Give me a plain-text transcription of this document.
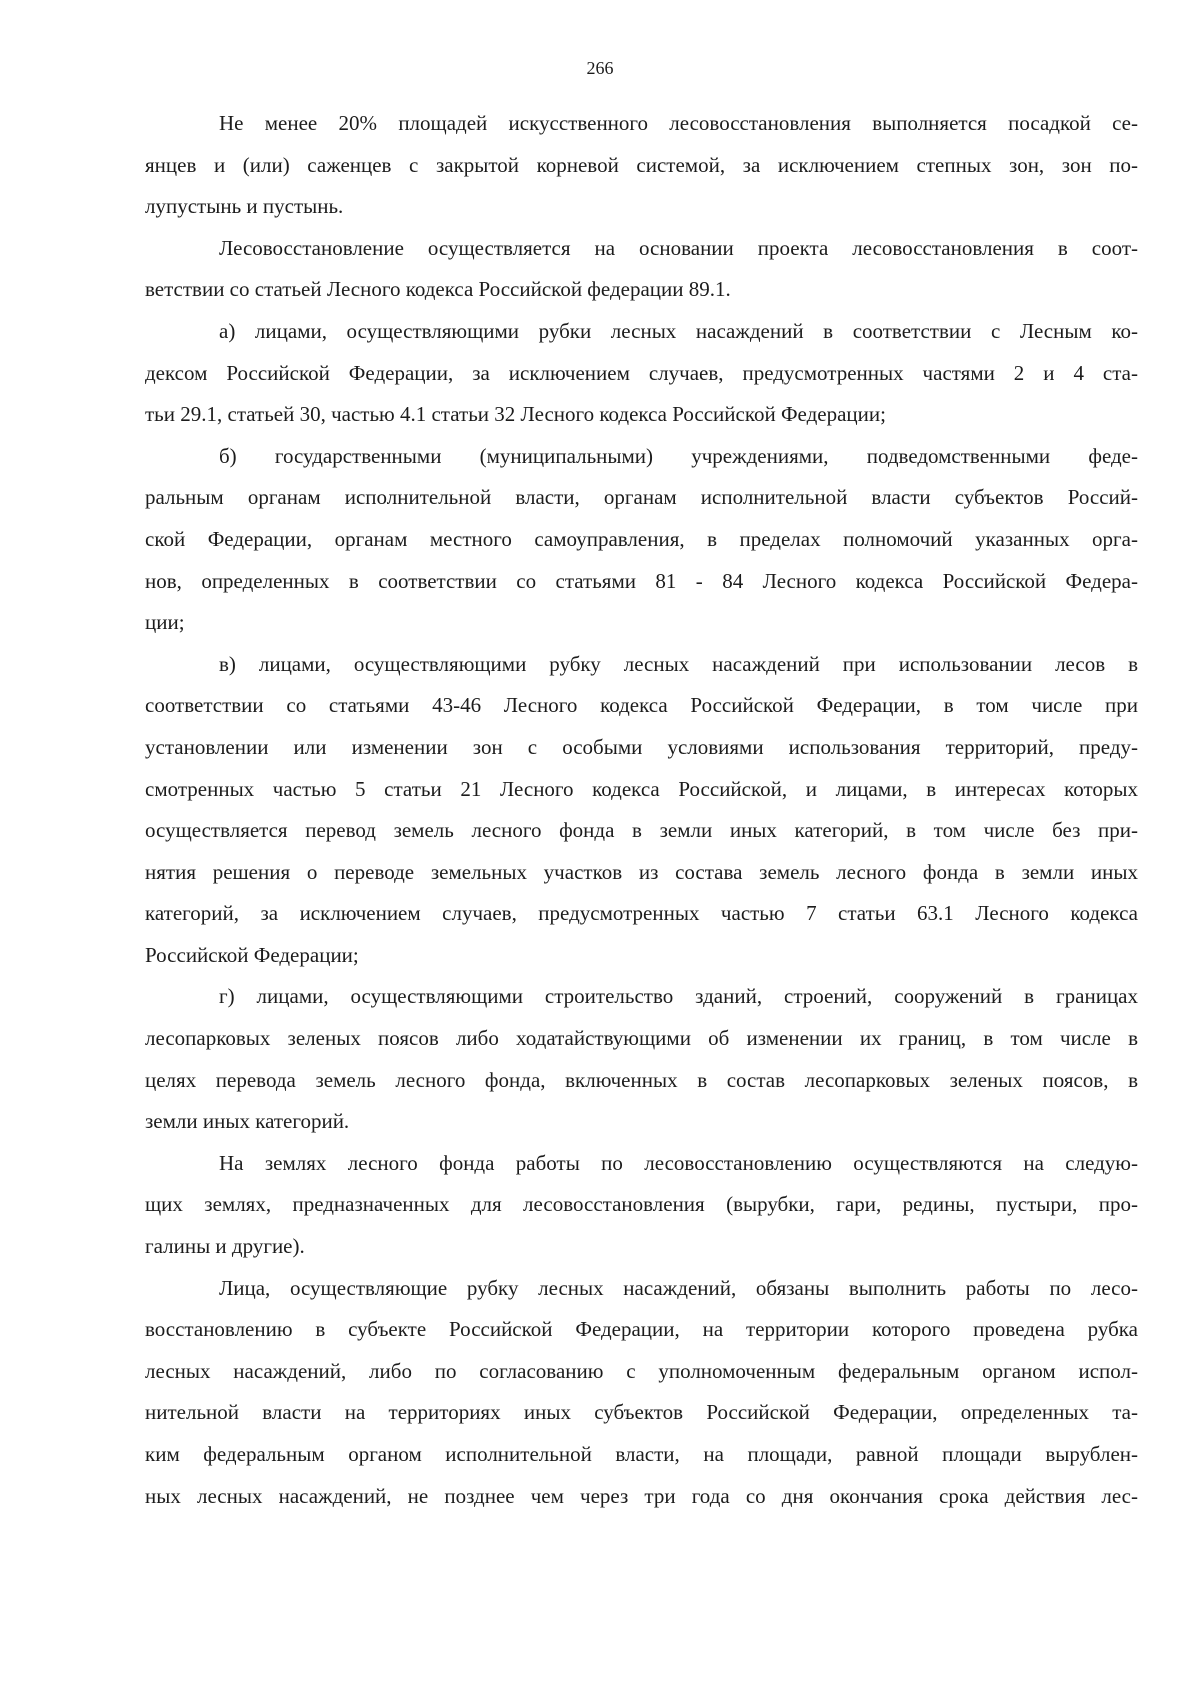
266
Не менее 20% площадей искусственного лесовосстановления выполняется посадкой се-
янцев и (или) саженцев с закрытой корневой системой, за исключением степных зон, зон по-
лупустынь и пустынь.
Лесовосстановление осуществляется на основании проекта лесовосстановления в соот-
ветствии со статьей Лесного кодекса Российской федерации 89.1.
а) лицами, осуществляющими рубки лесных насаждений в соответствии с Лесным ко-
дексом Российской Федерации, за исключением случаев, предусмотренных частями 2 и 4 ста-
тьи 29.1, статьей 30, частью 4.1 статьи 32 Лесного кодекса Российской Федерации;
б) государственными (муниципальными) учреждениями, подведомственными феде-
ральным органам исполнительной власти, органам исполнительной власти субъектов Россий-
ской Федерации, органам местного самоуправления, в пределах полномочий указанных орга-
нов, определенных в соответствии со статьями 81 - 84 Лесного кодекса Российской Федера-
ции;
в) лицами, осуществляющими рубку лесных насаждений при использовании лесов в
соответствии со статьями 43-46 Лесного кодекса Российской Федерации, в том числе при
установлении или изменении зон с особыми условиями использования территорий, преду-
смотренных частью 5 статьи 21 Лесного кодекса Российской, и лицами, в интересах которых
осуществляется перевод земель лесного фонда в земли иных категорий, в том числе без при-
нятия решения о переводе земельных участков из состава земель лесного фонда в земли иных
категорий, за исключением случаев, предусмотренных частью 7 статьи 63.1 Лесного кодекса
Российской Федерации;
г) лицами, осуществляющими строительство зданий, строений, сооружений в границах
лесопарковых зеленых поясов либо ходатайствующими об изменении их границ, в том числе в
целях перевода земель лесного фонда, включенных в состав лесопарковых зеленых поясов, в
земли иных категорий.
На землях лесного фонда работы по лесовосстановлению осуществляются на следую-
щих землях, предназначенных для лесовосстановления (вырубки, гари, редины, пустыри, про-
галины и другие).
Лица, осуществляющие рубку лесных насаждений, обязаны выполнить работы по лесо-
восстановлению в субъекте Российской Федерации, на территории которого проведена рубка
лесных насаждений, либо по согласованию с уполномоченным федеральным органом испол-
нительной власти на территориях иных субъектов Российской Федерации, определенных та-
ким федеральным органом исполнительной власти, на площади, равной площади вырублен-
ных лесных насаждений, не позднее чем через три года со дня окончания срока действия лес-
